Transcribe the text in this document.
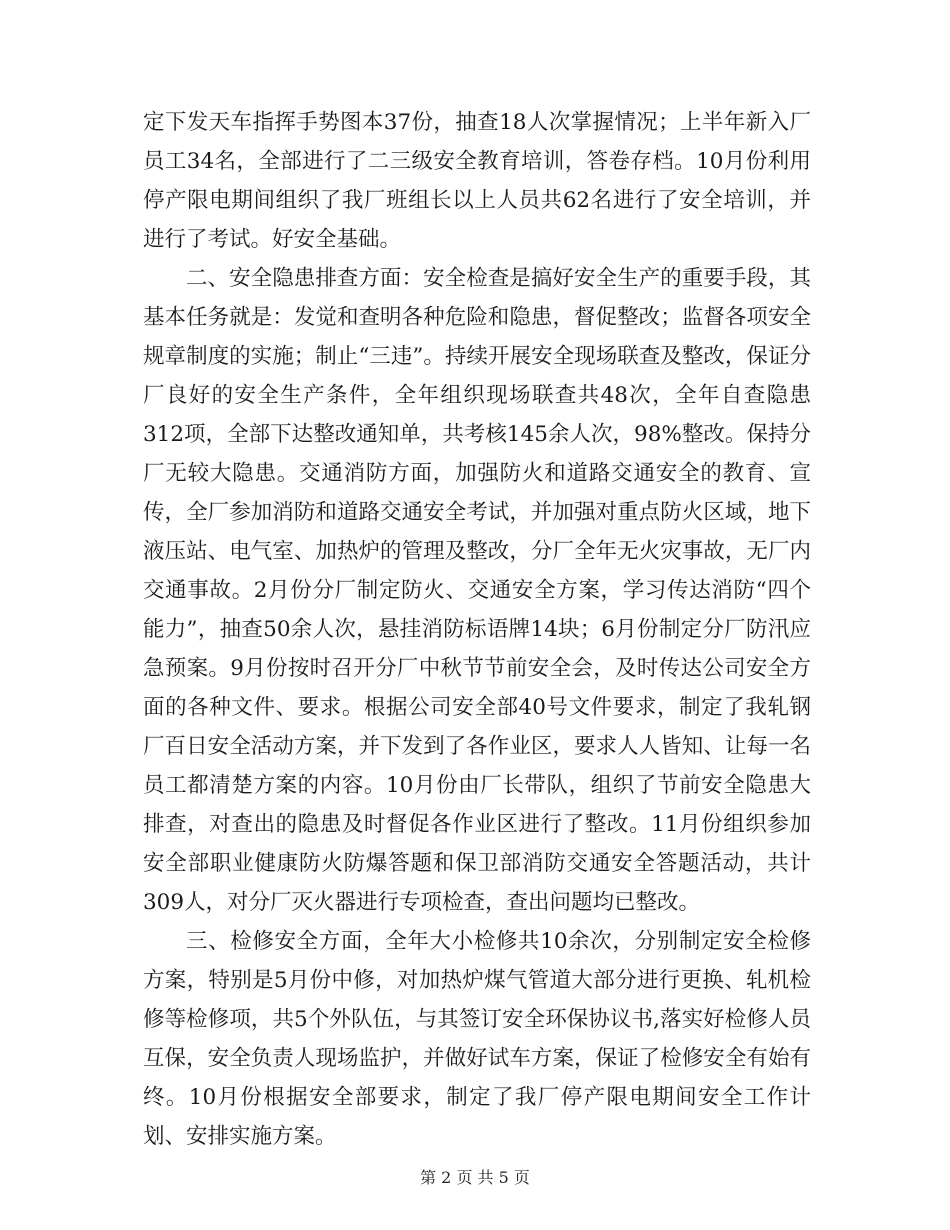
定下发天车指挥手势图本37份，抽查18人次掌握情况；上半年新入厂员工34名，全部进行了二三级安全教育培训，答卷存档。10月份利用停产限电期间组织了我厂班组长以上人员共62名进行了安全培训，并进行了考试。好安全基础。

二、安全隐患排查方面：安全检查是搞好安全生产的重要手段，其基本任务就是：发觉和查明各种危险和隐患，督促整改；监督各项安全规章制度的实施；制止“三违”。持续开展安全现场联查及整改，保证分厂良好的安全生产条件，全年组织现场联查共48次，全年自查隐患312项，全部下达整改通知单，共考核145余人次，98%整改。保持分厂无较大隐患。交通消防方面，加强防火和道路交通安全的教育、宣传，全厂参加消防和道路交通安全考试，并加强对重点防火区域，地下液压站、电气室、加热炉的管理及整改，分厂全年无火灾事故，无厂内交通事故。2月份分厂制定防火、交通安全方案，学习传达消防“四个能力”，抽查50余人次，悬挂消防标语牌14块；6月份制定分厂防汛应急预案。9月份按时召开分厂中秋节节前安全会，及时传达公司安全方面的各种文件、要求。根据公司安全部40号文件要求，制定了我轧钢厂百日安全活动方案，并下发到了各作业区，要求人人皆知、让每一名员工都清楚方案的内容。10月份由厂长带队，组织了节前安全隐患大排查，对查出的隐患及时督促各作业区进行了整改。11月份组织参加安全部职业健康防火防爆答题和保卫部消防交通安全答题活动，共计309人，对分厂灭火器进行专项检查，查出问题均已整改。

三、检修安全方面，全年大小检修共10余次，分别制定安全检修方案，特别是5月份中修，对加热炉煤气管道大部分进行更换、轧机检修等检修项，共5个外队伍，与其签订安全环保协议书,落实好检修人员互保，安全负责人现场监护，并做好试车方案，保证了检修安全有始有终。10月份根据安全部要求，制定了我厂停产限电期间安全工作计划、安排实施方案。

第 2 页 共 5 页
